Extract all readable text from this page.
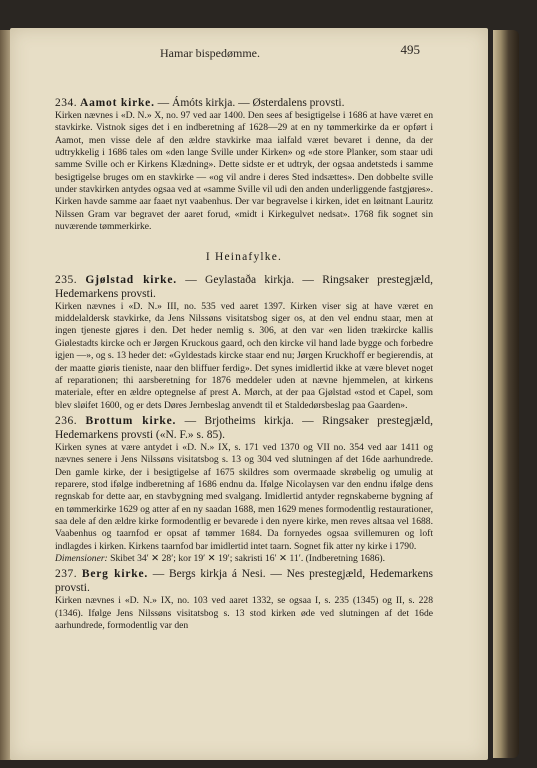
Hamar bispedømme.	495

234. Aamot kirke. — Ámóts kirkja. — Østerdalens provsti.

Kirken nævnes i «D. N.» X, no. 97 ved aar 1400. Den sees af besigtigelse i 1686 at have været en stavkirke. Vistnok siges det i en indberetning af 1628—29 at en ny tømmerkirke da er opført i Aamot, men visse dele af den ældre stavkirke maa ialfald været bevaret i denne, da der udtrykkelig i 1686 tales om «den lange Sville under Kirken» og «de store Planker, som staar udi samme Sville och er Kirkens Klædning». Dette sidste er et udtryk, der ogsaa andetsteds i samme besigtigelse bruges om en stavkirke — «og vil andre i deres Sted indsættes». Den dobbelte sville under stavkirken antydes ogsaa ved at «samme Sville vil udi den anden underliggende fastgjøres». Kirken havde samme aar faaet nyt vaabenhus. Der var begravelse i kirken, idet en løitnant Lauritz Nilssen Gram var begravet der aaret forud, «midt i Kirkegulvet nedsat». 1768 fik sognet sin nuværende tømmerkirke.

I Heinafylke.

235. Gjølstad kirke. — Geylastaða kirkja. — Ringsaker prestegjæld, Hedemarkens provsti.

Kirken nævnes i «D. N.» III, no. 535 ved aaret 1397. Kirken viser sig at have været en middelaldersk stavkirke, da Jens Nilssøns visitatsbog siger os, at den vel endnu staar, men at ingen tjeneste gjøres i den. Det heder nemlig s. 306, at den var «en liden trækircke kallis Giølestadts kircke och er Jørgen Kruckous gaard, och den kircke vil hand lade bygge och forbedre igjen —», og s. 13 heder det: «Gyldestads kircke staar end nu; Jørgen Kruckhoff er begierendis, at der maatte giøris tieniste, naar den bliffuer ferdig». Det synes imidlertid ikke at være blevet noget af reparationen; thi aarsberetning for 1876 meddeler uden at nævne hjemmelen, at kirkens materiale, efter en ældre optegnelse af prest A. Mørch, at der paa Gjølstad «stod et Capel, som blev sløifet 1600, og er dets Døres Jernbeslag anvendt til et Staldedørsbeslag paa Gaarden».

236. Brottum kirke. — Brjotheims kirkja. — Ringsaker prestegjæld, Hedemarkens provsti («N. F.» s. 85).

Kirken synes at være antydet i «D. N.» IX, s. 171 ved 1370 og VII no. 354 ved aar 1411 og nævnes senere i Jens Nilssøns visitatsbog s. 13 og 304 ved slutningen af det 16de aarhundrede. Den gamle kirke, der i besigtigelse af 1675 skildres som overmaade skrøbelig og umulig at reparere, stod ifølge indberetning af 1686 endnu da. Ifølge Nicolaysen var den endnu ifølge dens regnskab for dette aar, en stavbygning med svalgang. Imidlertid antyder regnskaberne bygning af en tømmerkirke 1629 og atter af en ny saadan 1688, men 1629 menes formodentlig restaurationer, saa dele af den ældre kirke formodentlig er bevarede i den nyere kirke, men reves altsaa vel 1688. Vaabenhus og taarnfod er opsat af tømmer 1684. Da fornyedes ogsaa svillemuren og loft indlagdes i kirken. Kirkens taarnfod bar imidlertid intet taarn. Sognet fik atter ny kirke i 1790.

Dimensioner: Skibet 34′ ✕ 28′; kor 19′ ✕ 19′; sakristi 16′ ✕ 11′. (Indberetning 1686).

237. Berg kirke. — Bergs kirkja á Nesi. — Nes prestegjæld, Hedemarkens provsti.

Kirken nævnes i «D. N.» IX, no. 103 ved aaret 1332, se ogsaa I, s. 235 (1345) og II, s. 228 (1346). Ifølge Jens Nilssøns visitatsbog s. 13 stod kirken øde ved slutningen af det 16de aarhundrede, formodentlig var den
